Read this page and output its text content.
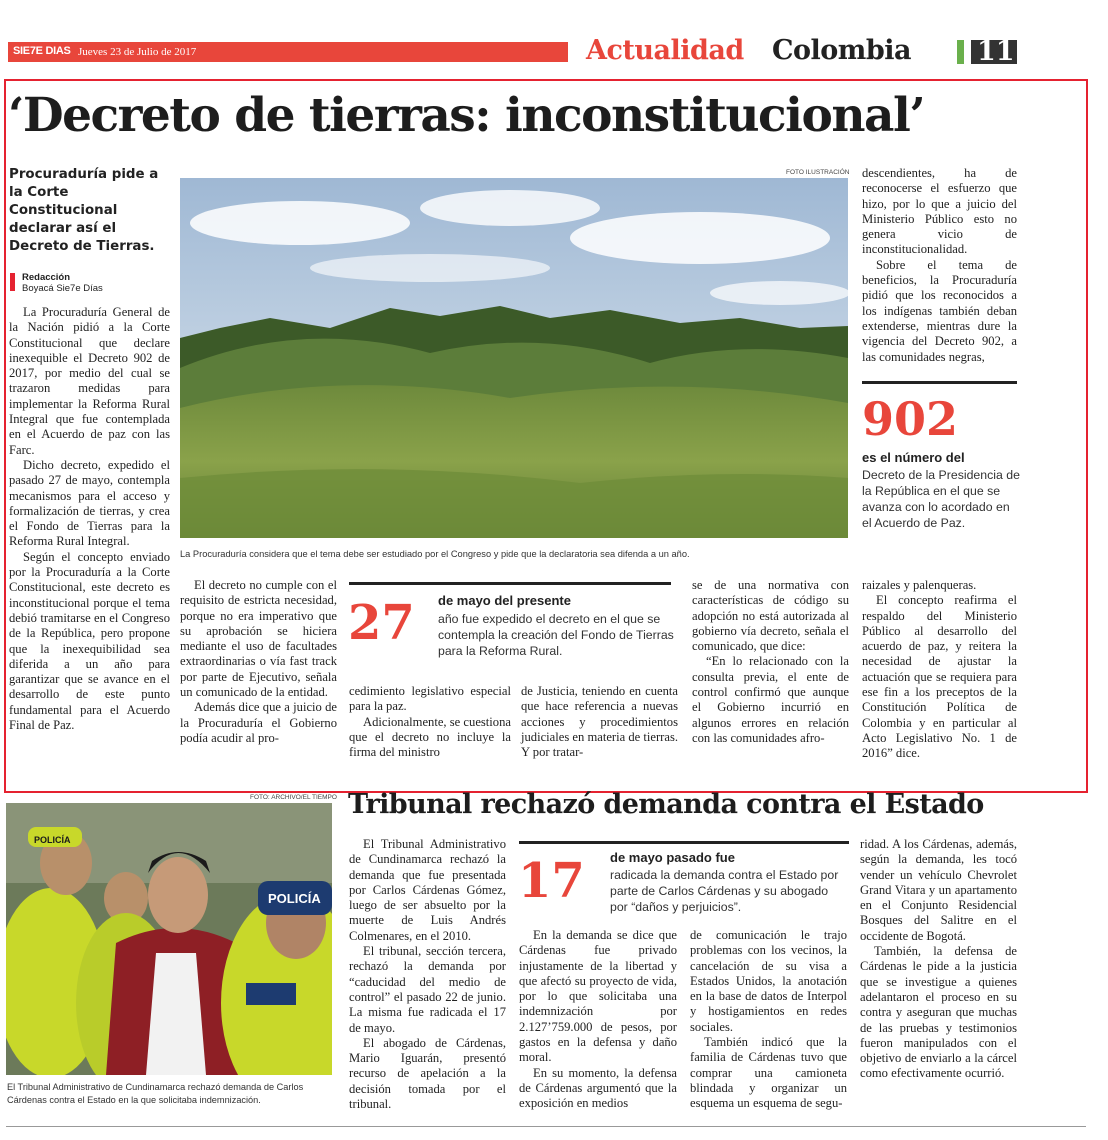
SIE7E DIAS Jueves 23 de Julio de 2017	Actualidad Colombia 11
‘Decreto de tierras: inconstitucional’
Procuraduría pide a la Corte Constitucional declarar así el Decreto de Tierras.
Redacción
Boyacá Sie7e Días
FOTO ILUSTRACIÓN
La Procuraduría considera que el tema debe ser estudiado por el Congreso y pide que la declaratoria sea difenda a un año.

La Procuraduría General de la Nación pidió a la Corte Constitucional que declare inexequible el Decreto 902 de 2017, por medio del cual se trazaron medidas para implementar la Reforma Rural Integral que fue contemplada en el Acuerdo de paz con las Farc.

Dicho decreto, expedido el pasado 27 de mayo, contempla mecanismos para el acceso y formalización de tierras, y crea el Fondo de Tierras para la Reforma Rural Integral.

Según el concepto enviado por la Procuraduría a la Corte Constitucional, este decreto es inconstitucional porque el tema debió tramitarse en el Congreso de la República, pero propone que la inexequibilidad sea diferida a un año para garantizar que se avance en el desarrollo de este punto fundamental para el Acuerdo Final de Paz.

El decreto no cumple con el requisito de estricta necesidad, porque no era imperativo que su aprobación se hiciera mediante el uso de facultades extraordinarias o vía fast track por parte de Ejecutivo, señala un comunicado de la entidad.

Además dice que a juicio de la Procuraduría el Gobierno podía acudir al pro-

27 de mayo del presente
año fue expedido el decreto en el que se contempla la creación del Fondo de Tierras para la Reforma Rural.

cedimiento legislativo especial para la paz.

Adicionalmente, se cuestiona que el decreto no incluye la firma del ministro

de Justicia, teniendo en cuenta que hace referencia a nuevas acciones y procedimientos judiciales en materia de tierras. Y por tratar-

se de una normativa con características de código su adopción no está autorizada al gobierno vía decreto, señala el comunicado, que dice:

“En lo relacionado con la consulta previa, el ente de control confirmó que aunque el Gobierno incurrió en algunos errores en relación con las comunidades afro-

descendientes, ha de reconocerse el esfuerzo que hizo, por lo que a juicio del Ministerio Público esto no genera vicio de inconstitucionalidad.

Sobre el tema de beneficios, la Procuraduría pidió que los reconocidos a los indígenas también deban extenderse, mientras dure la vigencia del Decreto 902, a las comunidades negras,

902
es el número del
Decreto de la Presidencia de la República en el que se avanza con lo acordado en el Acuerdo de Paz.

raizales y palenqueras.

El concepto reafirma el respaldo del Ministerio Público al desarrollo del acuerdo de paz, y reitera la necesidad de ajustar la actuación que se requiera para ese fin a los preceptos de la Constitución Política de Colombia y en particular al Acto Legislativo No. 1 de 2016” dice.

FOTO: ARCHIVO/EL TIEMPO
POLICÍA
POLICÍA
El Tribunal Administrativo de Cundinamarca rechazó demanda de Carlos Cárdenas contra el Estado en la que solicitaba indemnización.
Tribunal rechazó demanda contra el Estado

El Tribunal Administrativo de Cundinamarca rechazó la demanda que fue presentada por Carlos Cárdenas Gómez, luego de ser absuelto por la muerte de Luis Andrés Colmenares, en el 2010.

El tribunal, sección tercera, rechazó la demanda por “caducidad del medio de control” el pasado 22 de junio. La misma fue radicada el 17 de mayo.

El abogado de Cárdenas, Mario Iguarán, presentó recurso de apelación a la decisión tomada por el tribunal.

17 de mayo pasado fue
radicada la demanda contra el Estado por parte de Carlos Cárdenas y su abogado por “daños y perjuicios”.

En la demanda se dice que Cárdenas fue privado injustamente de la libertad y que afectó su proyecto de vida, por lo que solicitaba una indemnización por 2.127’759.000 de pesos, por gastos en la defensa y daño moral.

En su momento, la defensa de Cárdenas argumentó que la exposición en medios

de comunicación le trajo problemas con los vecinos, la cancelación de su visa a Estados Unidos, la anotación en la base de datos de Interpol y hostigamientos en redes sociales.

También indicó que la familia de Cárdenas tuvo que comprar una camioneta blindada y organizar un esquema un esquema de segu-

ridad. A los Cárdenas, además, según la demanda, les tocó vender un vehículo Chevrolet Grand Vitara y un apartamento en el Conjunto Residencial Bosques del Salitre en el occidente de Bogotá.

También, la defensa de Cárdenas le pide a la justicia que se investigue a quienes adelantaron el proceso en su contra y aseguran que muchas de las pruebas y testimonios fueron manipulados con el objetivo de enviarlo a la cárcel como efectivamente ocurrió.
